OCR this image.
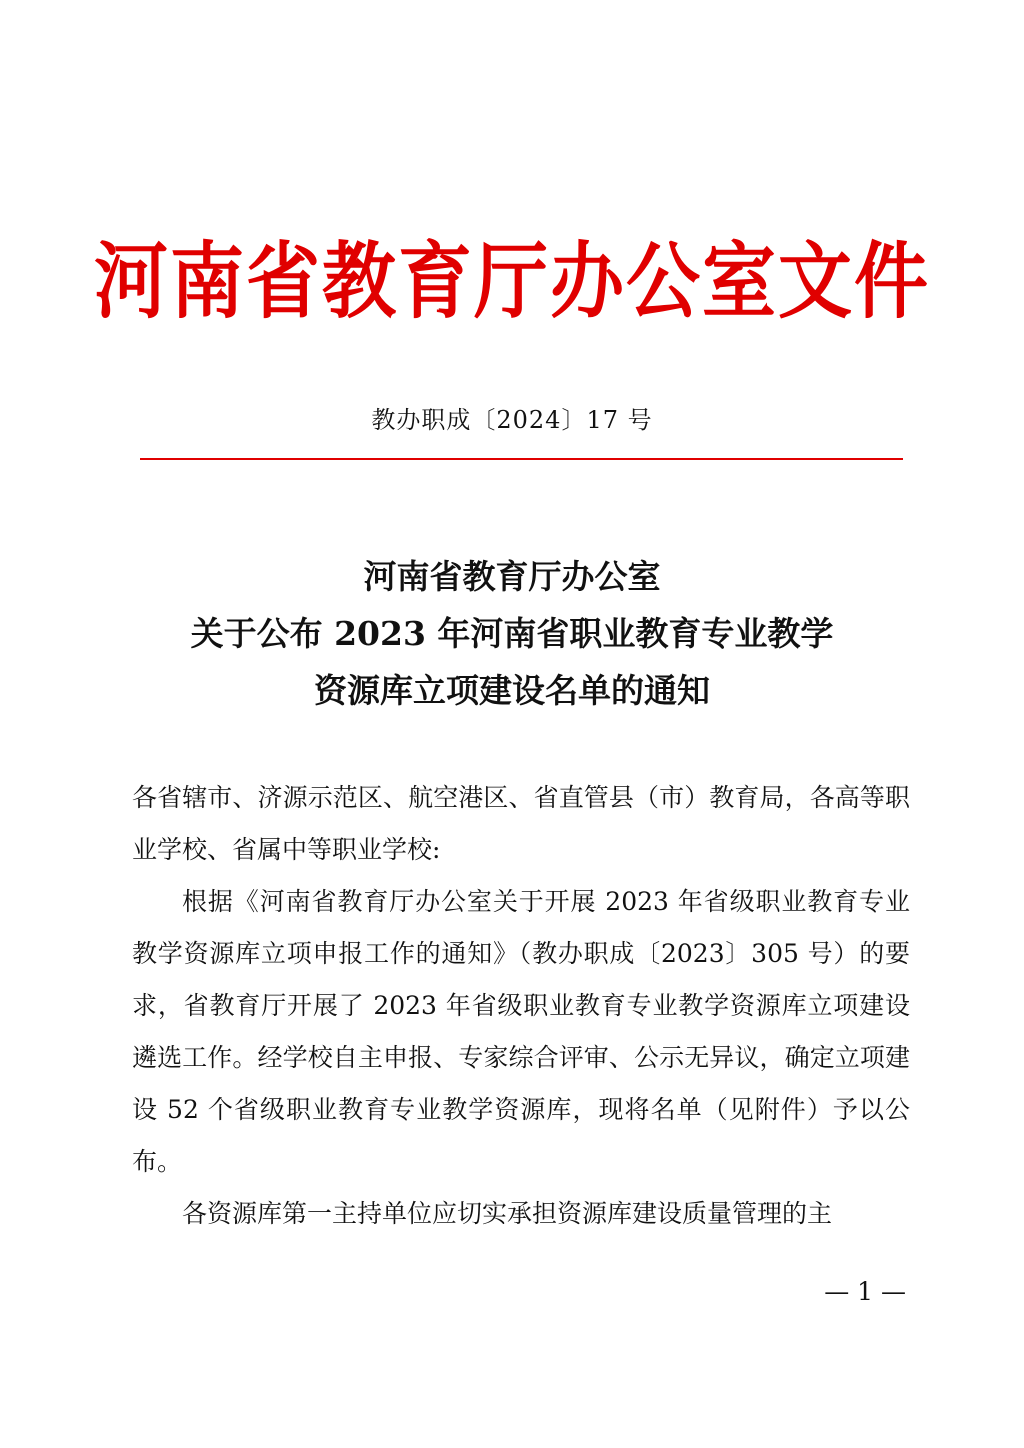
河南省教育厅办公室文件
教办职成〔2024〕17 号
河南省教育厅办公室
关于公布 2023 年河南省职业教育专业教学
资源库立项建设名单的通知

各省辖市、济源示范区、航空港区、省直管县（市）教育局，各高等职业学校、省属中等职业学校:

根据《河南省教育厅办公室关于开展 2023 年省级职业教育专业教学资源库立项申报工作的通知》（教办职成〔2023〕305 号）的要求，省教育厅开展了 2023 年省级职业教育专业教学资源库立项建设遴选工作。经学校自主申报、专家综合评审、公示无异议，确定立项建设 52 个省级职业教育专业教学资源库，现将名单（见附件）予以公布。

各资源库第一主持单位应切实承担资源库建设质量管理的主

— 1 —
